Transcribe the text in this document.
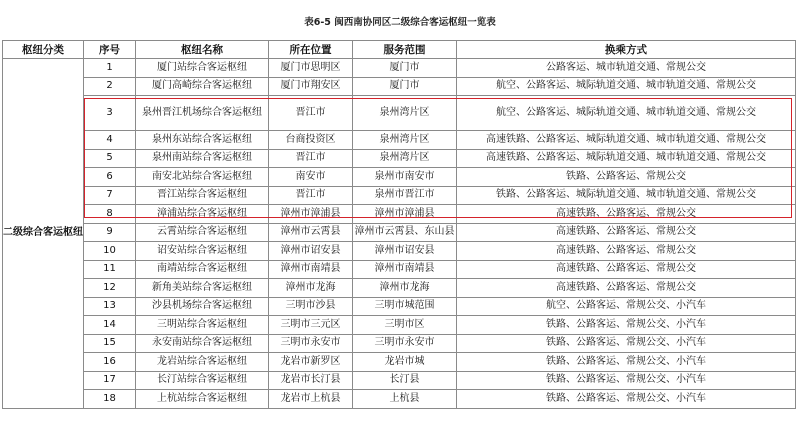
表6-5 闽西南协同区二级综合客运枢纽一览表
枢纽分类	序号	枢纽名称	所在位置	服务范围	换乘方式
二级综合客运枢纽	1	厦门站综合客运枢纽	厦门市思明区	厦门市	公路客运、城市轨道交通、常规公交
	2	厦门高崎综合客运枢纽	厦门市翔安区	厦门市	航空、公路客运、城际轨道交通、城市轨道交通、常规公交
	3	泉州晋江机场综合客运枢纽	晋江市	泉州湾片区	航空、公路客运、城际轨道交通、城市轨道交通、常规公交
	4	泉州东站综合客运枢纽	台商投资区	泉州湾片区	高速铁路、公路客运、城际轨道交通、城市轨道交通、常规公交
	5	泉州南站综合客运枢纽	晋江市	泉州湾片区	高速铁路、公路客运、城际轨道交通、城市轨道交通、常规公交
	6	南安北站综合客运枢纽	南安市	泉州市南安市	铁路、公路客运、常规公交
	7	晋江站综合客运枢纽	晋江市	泉州市晋江市	铁路、公路客运、城际轨道交通、城市轨道交通、常规公交
	8	漳浦站综合客运枢纽	漳州市漳浦县	漳州市漳浦县	高速铁路、公路客运、常规公交
	9	云霄站综合客运枢纽	漳州市云霄县	漳州市云霄县、东山县	高速铁路、公路客运、常规公交
	10	诏安站综合客运枢纽	漳州市诏安县	漳州市诏安县	高速铁路、公路客运、常规公交
	11	南靖站综合客运枢纽	漳州市南靖县	漳州市南靖县	高速铁路、公路客运、常规公交
	12	新角美站综合客运枢纽	漳州市龙海	漳州市龙海	高速铁路、公路客运、常规公交
	13	沙县机场综合客运枢纽	三明市沙县	三明市城范围	航空、公路客运、常规公交、小汽车
	14	三明站综合客运枢纽	三明市三元区	三明市区	铁路、公路客运、常规公交、小汽车
	15	永安南站综合客运枢纽	三明市永安市	三明市永安市	铁路、公路客运、常规公交、小汽车
	16	龙岩站综合客运枢纽	龙岩市新罗区	龙岩市城	铁路、公路客运、常规公交、小汽车
	17	长汀站综合客运枢纽	龙岩市长汀县	长汀县	铁路、公路客运、常规公交、小汽车
	18	上杭站综合客运枢纽	龙岩市上杭县	上杭县	铁路、公路客运、常规公交、小汽车
